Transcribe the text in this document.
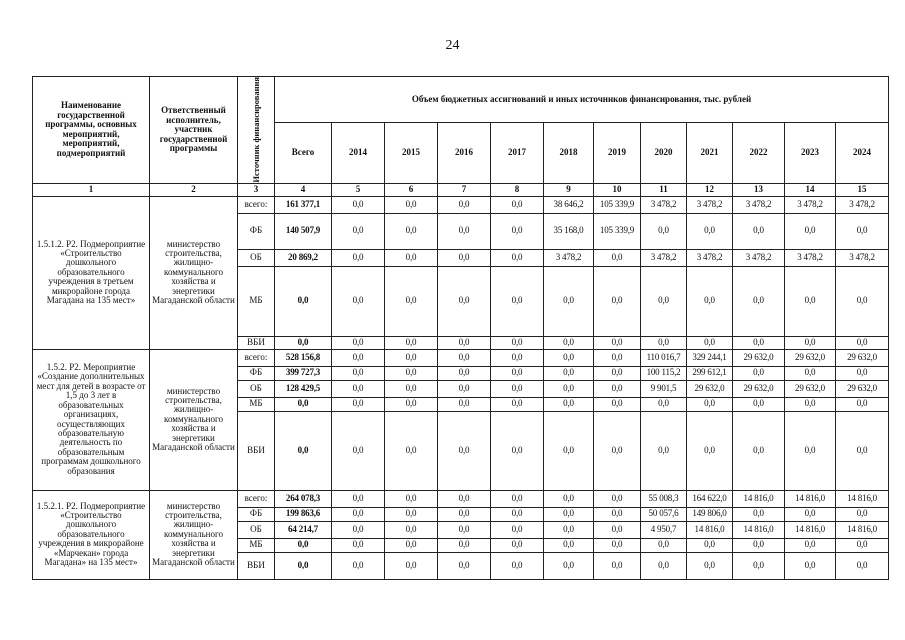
24
Наименование государственной программы, основных мероприятий, мероприятий, подмероприятий	Ответственный исполнитель, участник государственной программы	Источник финансирования	Объем бюджетных ассигнований и иных источников финансирования, тыс. рублей											
			Всего	2014	2015	2016	2017	2018	2019	2020	2021	2022	2023	2024
1	2	3	4	5	6	7	8	9	10	11	12	13	14	15
1.5.1.2. Р2. Подмероприятие «Строительство дошкольного образовательного учреждения в третьем микрорайоне города Магадана на 135 мест»	министерство строительства, жилищно-коммунального хозяйства и энергетики Магаданской области	всего:	161 377,1	0,0	0,0	0,0	0,0	38 646,2	105 339,9	3 478,2	3 478,2	3 478,2	3 478,2	3 478,2
		ФБ	140 507,9	0,0	0,0	0,0	0,0	35 168,0	105 339,9	0,0	0,0	0,0	0,0	0,0
		ОБ	20 869,2	0,0	0,0	0,0	0,0	3 478,2	0,0	3 478,2	3 478,2	3 478,2	3 478,2	3 478,2
		МБ	0,0	0,0	0,0	0,0	0,0	0,0	0,0	0,0	0,0	0,0	0,0	0,0
		ВБИ	0,0	0,0	0,0	0,0	0,0	0,0	0,0	0,0	0,0	0,0	0,0	0,0
1.5.2. Р2. Мероприятие «Создание дополнительных мест для детей в возрасте от 1,5 до 3 лет в образовательных организациях, осуществляющих образовательную деятельность по образовательным программам дошкольного образования	министерство строительства, жилищно-коммунального хозяйства и энергетики Магаданской области	всего:	528 156,8	0,0	0,0	0,0	0,0	0,0	0,0	110 016,7	329 244,1	29 632,0	29 632,0	29 632,0
		ФБ	399 727,3	0,0	0,0	0,0	0,0	0,0	0,0	100 115,2	299 612,1	0,0	0,0	0,0
		ОБ	128 429,5	0,0	0,0	0,0	0,0	0,0	0,0	9 901,5	29 632,0	29 632,0	29 632,0	29 632,0
		МБ	0,0	0,0	0,0	0,0	0,0	0,0	0,0	0,0	0,0	0,0	0,0	0,0
		ВБИ	0,0	0,0	0,0	0,0	0,0	0,0	0,0	0,0	0,0	0,0	0,0	0,0
1.5.2.1. Р2. Подмероприятие «Строительство дошкольного образовательного учреждения в микрорайоне «Марчекан» города Магадана» на 135 мест»	министерство строительства, жилищно-коммунального хозяйства и энергетики Магаданской области	всего:	264 078,3	0,0	0,0	0,0	0,0	0,0	0,0	55 008,3	164 622,0	14 816,0	14 816,0	14 816,0
		ФБ	199 863,6	0,0	0,0	0,0	0,0	0,0	0,0	50 057,6	149 806,0	0,0	0,0	0,0
		ОБ	64 214,7	0,0	0,0	0,0	0,0	0,0	0,0	4 950,7	14 816,0	14 816,0	14 816,0	14 816,0
		МБ	0,0	0,0	0,0	0,0	0,0	0,0	0,0	0,0	0,0	0,0	0,0	0,0
		ВБИ	0,0	0,0	0,0	0,0	0,0	0,0	0,0	0,0	0,0	0,0	0,0	0,0
